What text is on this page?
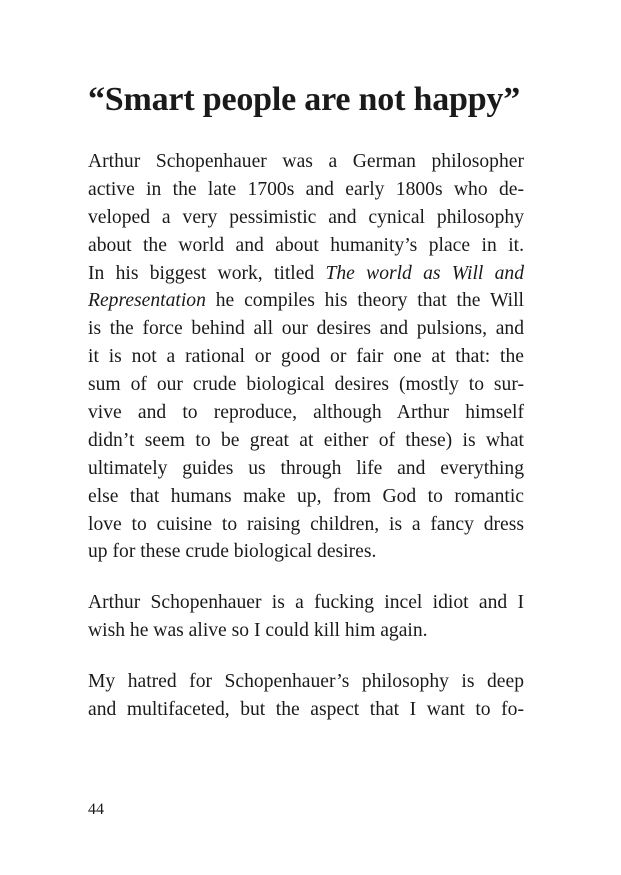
“Smart people are not happy”
Arthur Schopenhauer was a German philosopher
active in the late 1700s and early 1800s who de-
veloped a very pessimistic and cynical philosophy
about the world and about humanity’s place in it.
In his biggest work, titled The world as Will and
Representation he compiles his theory that the Will
is the force behind all our desires and pulsions, and
it is not a rational or good or fair one at that: the
sum of our crude biological desires (mostly to sur-
vive and to reproduce, although Arthur himself
didn’t seem to be great at either of these) is what
ultimately guides us through life and everything
else that humans make up, from God to romantic
love to cuisine to raising children, is a fancy dress
up for these crude biological desires.
Arthur Schopenhauer is a fucking incel idiot and I
wish he was alive so I could kill him again.
My hatred for Schopenhauer’s philosophy is deep
and multifaceted, but the aspect that I want to fo-
44
